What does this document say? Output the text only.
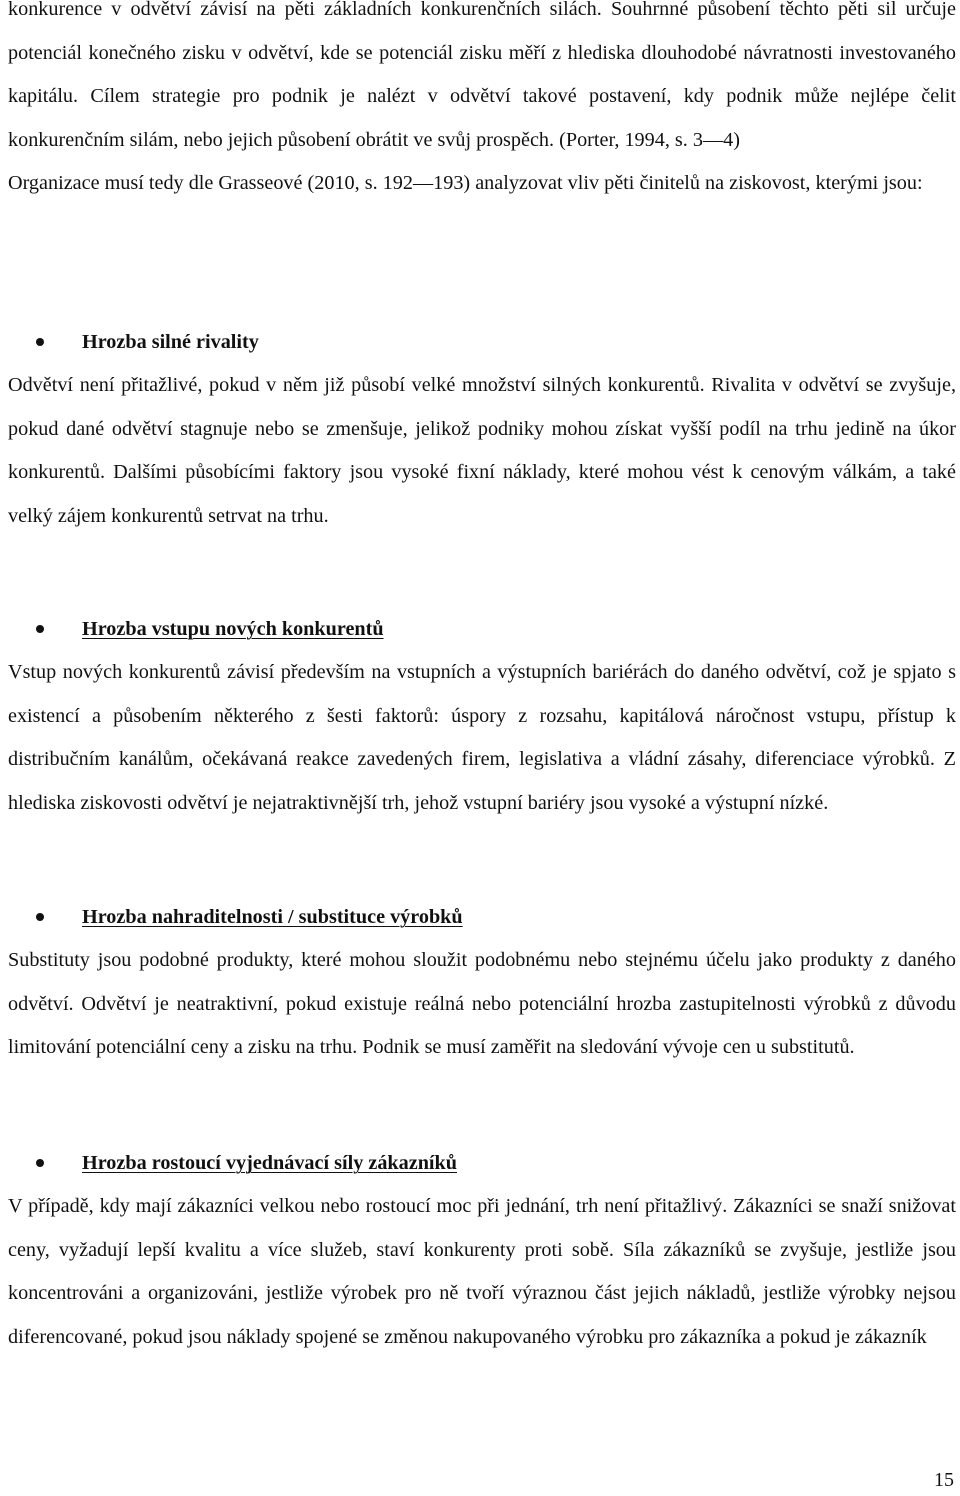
konkurence v odvětví závisí na pěti základních konkurenčních silách. Souhrnné působení těchto pěti sil určuje potenciál konečného zisku v odvětví, kde se potenciál zisku měří z hlediska dlouhodobé návratnosti investovaného kapitálu. Cílem strategie pro podnik je nalézt v odvětví takové postavení, kdy podnik může nejlépe čelit konkurenčním silám, nebo jejich působení obrátit ve svůj prospěch. (Porter, 1994, s. 3—4)

Organizace musí tedy dle Grasseové (2010, s. 192—193) analyzovat vliv pěti činitelů na ziskovost, kterými jsou:

Hrozba silné rivality

Odvětví není přitažlivé, pokud v něm již působí velké množství silných konkurentů. Rivalita v odvětví se zvyšuje, pokud dané odvětví stagnuje nebo se zmenšuje, jelikož podniky mohou získat vyšší podíl na trhu jedině na úkor konkurentů. Dalšími působícími faktory jsou vysoké fixní náklady, které mohou vést k cenovým válkám, a také velký zájem konkurentů setrvat na trhu.

Hrozba vstupu nových konkurentů

Vstup nových konkurentů závisí především na vstupních a výstupních bariérách do daného odvětví, což je spjato s existencí a působením některého z šesti faktorů: úspory z rozsahu, kapitálová náročnost vstupu, přístup k distribučním kanálům, očekávaná reakce zavedených firem, legislativa a vládní zásahy, diferenciace výrobků. Z hlediska ziskovosti odvětví je nejatraktivnější trh, jehož vstupní bariéry jsou vysoké a výstupní nízké.

Hrozba nahraditelnosti / substituce výrobků

Substituty jsou podobné produkty, které mohou sloužit podobnému nebo stejnému účelu jako produkty z daného odvětví. Odvětví je neatraktivní, pokud existuje reálná nebo potenciální hrozba zastupitelnosti výrobků z důvodu limitování potenciální ceny a zisku na trhu. Podnik se musí zaměřit na sledování vývoje cen u substitutů.

Hrozba rostoucí vyjednávací síly zákazníků

V případě, kdy mají zákazníci velkou nebo rostoucí moc při jednání, trh není přitažlivý. Zákazníci se snaží snižovat ceny, vyžadují lepší kvalitu a více služeb, staví konkurenty proti sobě. Síla zákazníků se zvyšuje, jestliže jsou koncentrováni a organizováni, jestliže výrobek pro ně tvoří výraznou část jejich nákladů, jestliže výrobky nejsou diferencované, pokud jsou náklady spojené se změnou nakupovaného výrobku pro zákazníka a pokud je zákazník

15
